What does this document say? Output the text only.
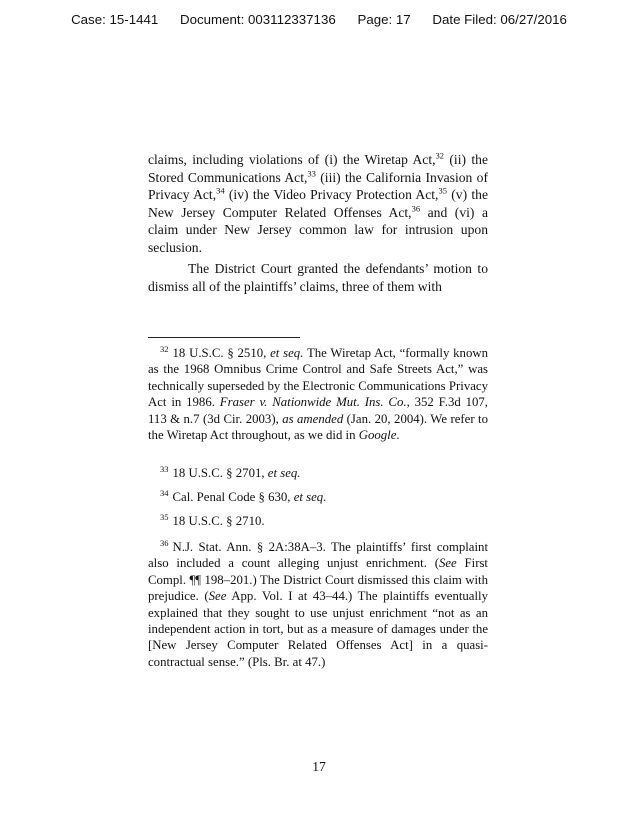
Case: 15-1441 Document: 003112337136 Page: 17 Date Filed: 06/27/2016
claims, including violations of (i) the Wiretap Act,$^{32}$ (ii) the Stored Communications Act,$^{33}$ (iii) the California Invasion of Privacy Act,$^{34}$ (iv) the Video Privacy Protection Act,$^{35}$ (v) the New Jersey Computer Related Offenses Act,$^{36}$ and (vi) a claim under New Jersey common law for intrusion upon seclusion.
The District Court granted the defendants’ motion to dismiss all of the plaintiffs’ claims, three of them with
$^{32}$ 18 U.S.C. § 2510, et seq. The Wiretap Act, “formally known as the 1968 Omnibus Crime Control and Safe Streets Act,” was technically superseded by the Electronic Communications Privacy Act in 1986. Fraser v. Nationwide Mut. Ins. Co., 352 F.3d 107, 113 & n.7 (3d Cir. 2003), as amended (Jan. 20, 2004). We refer to the Wiretap Act throughout, as we did in Google.
$^{33}$ 18 U.S.C. § 2701, et seq.
$^{34}$ Cal. Penal Code § 630, et seq.
$^{35}$ 18 U.S.C. § 2710.
$^{36}$ N.J. Stat. Ann. § 2A:38A–3. The plaintiffs’ first complaint also included a count alleging unjust enrichment. (See First Compl. ¶¶ 198–201.) The District Court dismissed this claim with prejudice. (See App. Vol. I at 43–44.) The plaintiffs eventually explained that they sought to use unjust enrichment “not as an independent action in tort, but as a measure of damages under the [New Jersey Computer Related Offenses Act] in a quasi-contractual sense.” (Pls. Br. at 47.)
17
